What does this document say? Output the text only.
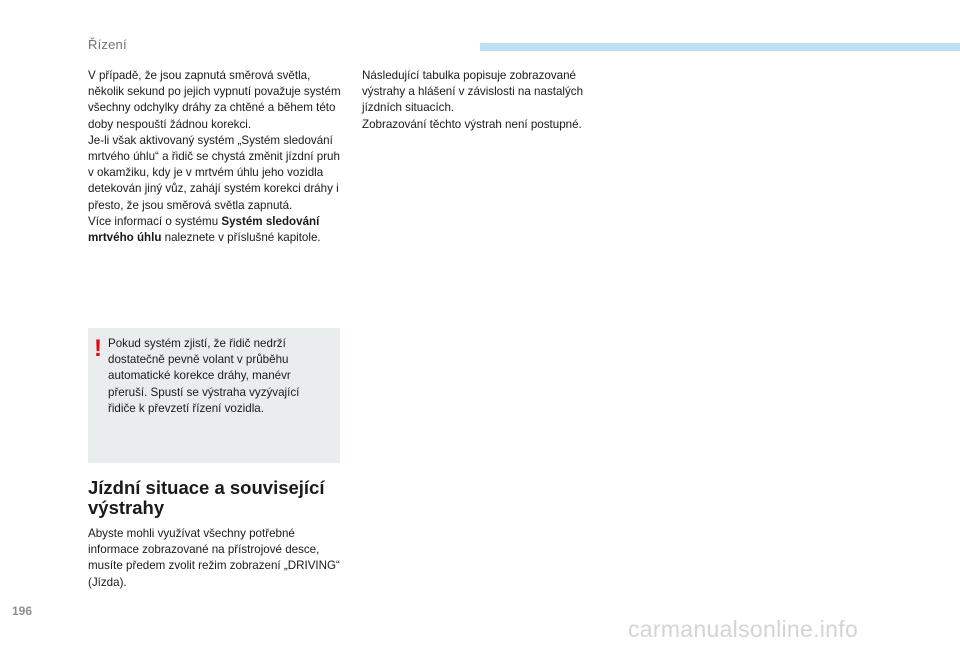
Řízení

V případě, že jsou zapnutá směrová světla, několik sekund po jejich vypnutí považuje systém všechny odchylky dráhy za chtěné a během této doby nespouští žádnou korekci.

Je-li však aktivovaný systém „Systém sledování mrtvého úhlu“ a řidič se chystá změnit jízdní pruh v okamžiku, kdy je v mrtvém úhlu jeho vozidla detekován jiný vůz, zahájí systém korekci dráhy i přesto, že jsou směrová světla zapnutá.

Více informací o systému Systém sledování mrtvého úhlu naleznete v příslušné kapitole.

! Pokud systém zjistí, že řidič nedrží dostatečně pevně volant v průběhu automatické korekce dráhy, manévr přeruší. Spustí se výstraha vyzývající řidiče k převzetí řízení vozidla.

Jízdní situace a související výstrahy

Abyste mohli využívat všechny potřebné informace zobrazované na přístrojové desce, musíte předem zvolit režim zobrazení „DRIVING“ (Jízda).

Následující tabulka popisuje zobrazované výstrahy a hlášení v závislosti na nastalých jízdních situacích.

Zobrazování těchto výstrah není postupné.

196
carmanualsonline.info
